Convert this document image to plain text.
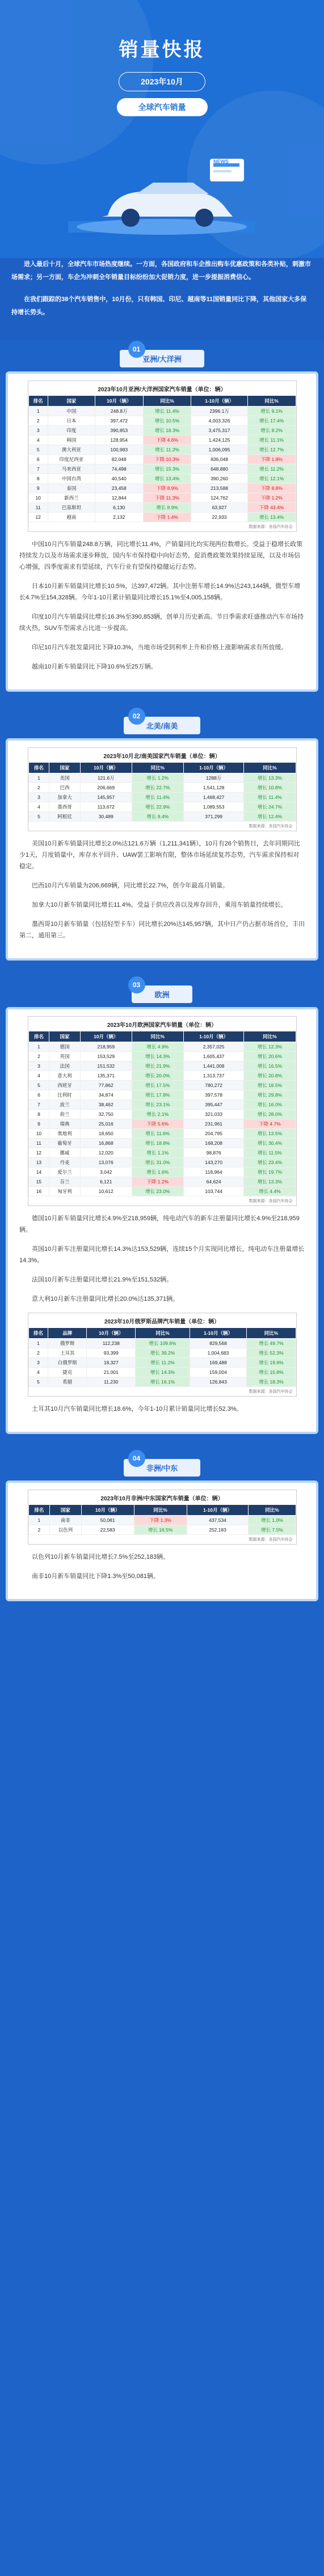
销量快报
2023年10月
全球汽车销量
NEWS

进入最后十月，全球汽车市场热度继续。一方面，各国政府和车企推出购车优惠政策和各类补贴，刺激市场需求；另一方面，车企为冲刺全年销量目标纷纷加大促销力度，进一步提振消费信心。

在我们跟踪的38个汽车销售中，10月份，只有韩国、印尼、越南等11国销量同比下降，其他国家大多保持增长势头。

01
亚洲/大洋洲
2023年10月亚洲/大洋洲国家汽车销量（单位：辆）
排名	国家	10月（辆）	同比%	1-10月（辆）	同比%
1	中国	248.8万	增长 11.4%	2396.1万	增长 9.1%
2	日本	397,472	增长 10.5%	4,003,326	增长 17.4%
3	印度	390,853	增长 16.3%	3,475,317	增长 8.2%
4	韩国	128,954	下降 4.6%	1,424,125	增长 11.1%
5	澳大利亚	100,983	增长 11.2%	1,006,095	增长 12.7%
6	印度尼西亚	82,048	下降 10.3%	836,048	下降 1.8%
7	马来西亚	74,498	增长 15.3%	648,880	增长 11.2%
8	中国台湾	40,540	增长 13.4%	390,260	增长 12.1%
9	泰国	23,458	下降 8.9%	213,588	下降 8.8%
10	新西兰	12,844	下降 11.3%	124,762	下降 1.2%
11	巴基斯坦	6,130	增长 8.9%	63,927	下降 43.4%
12	越南	2,132	下降 1.4%	22,933	增长 13.4%
数据来源：各国汽车协会

中国10月汽车销量248.8万辆，同比增长11.4%，产销量同比均实现两位数增长。受益于稳增长政策持续发力以及市场需求逐步释放，国内车市保持稳中向好态势，促消费政策效果持续显现，以及市场信心增强，四季度需求有望延续，汽车行业有望保持稳健运行态势。

日本10月新车销量同比增长10.5%，达397,472辆。其中注册车增长14.9%达243,144辆，微型车增长4.7%至154,328辆。今年1-10月累计销量同比增长15.1%至4,005,158辆。

印度10月汽车销量同比增长16.3%至390,853辆，创单月历史新高。节日季需求旺盛推动汽车市场持续火热，SUV车型需求占比进一步提高。

印尼10月汽车批发量同比下降10.3%，当地市场受到利率上升和价格上涨影响需求有所放缓。

越南10月新车销量同比下降10.6%至25万辆。

02
北美/南美
2023年10月北/南美国家汽车销量（单位：辆）
排名	国家	10月（辆）	同比%	1-10月（辆）	同比%
1	美国	121.6万	增长 1.2%	1288万	增长 13.3%
2	巴西	206,669	增长 22.7%	1,541,128	增长 10.8%
3	加拿大	145,957	增长 11.4%	1,468,427	增长 11.4%
4	墨西哥	113,672	增长 22.9%	1,089,553	增长 24.7%
5	阿根廷	30,489	增长 9.4%	371,299	增长 12.4%
数据来源：各国汽车协会

美国10月新车销量同比增长2.0%达121.6万辆（1,211,341辆），10月有26个销售日，去年同期同比少1天，月度销量中，库存水平回升、UAW罢工影响有限，整体市场延续复苏态势，汽车需求保持相对稳定。

巴西10月汽车销量为206,669辆，同比增长22.7%，创今年最高月销量。

加拿大10月新车销量同比增长11.4%。受益于供应改善以及库存回升，乘用车销量持续增长。

墨西哥10月新车销量（包括轻型卡车）同比增长20%达145,957辆，其中日产仍占据市场首位，丰田第二，通用第三。

03
欧洲
2023年10月欧洲国家汽车销量（单位：辆）
排名	国家	10月（辆）	同比%	1-10月（辆）	同比%
1	德国	218,959	增长 4.9%	2,357,025	增长 12.3%
2	英国	153,529	增长 14.3%	1,605,437	增长 20.6%
3	法国	151,532	增长 21.9%	1,441,008	增长 16.5%
4	意大利	135,371	增长 20.0%	1,313,737	增长 20.8%
5	西班牙	77,862	增长 17.5%	780,272	增长 18.5%
6	比利时	34,874	增长 17.8%	397,578	增长 29.8%
7	波兰	38,462	增长 23.1%	395,447	增长 16.0%
8	荷兰	32,750	增长 2.1%	321,033	增长 28.0%
9	瑞典	25,016	下降 5.6%	231,961	下降 4.7%
10	奥地利	18,650	增长 11.6%	204,795	增长 13.5%
11	葡萄牙	16,868	增长 18.8%	168,208	增长 30.4%
12	挪威	12,020	增长 1.1%	98,876	增长 11.5%
13	丹麦	13,076	增长 31.0%	143,270	增长 23.4%
14	爱尔兰	3,042	增长 1.6%	118,964	增长 19.7%
15	芬兰	6,121	下降 1.2%	64,624	增长 13.3%
16	匈牙利	10,612	增长 23.0%	103,744	增长 4.4%
数据来源：各国汽车协会

德国10月新车销量同比增长4.9%至218,959辆，纯电动汽车的新车注册量同比增长4.9%至218,959辆。

英国10月新车注册量同比增长14.3%达153,529辆，连续15个月实现同比增长，纯电动车注册量增长14.3%。

法国10月新车注册量同比增长21.9%至151,532辆。

意大利10月新车注册量同比增长20.0%达135,371辆。

2023年10月俄罗斯品牌汽车销量（单位：辆）
排名	品牌	10月（辆）	同比%	1-10月（辆）	同比%
1	俄罗斯	112,238	增长 109.6%	829,568	增长 49.7%
2	土耳其	93,399	增长 39.2%	1,004,683	增长 52.3%
3	白俄罗斯	18,327	增长 11.2%	169,488	增长 19.6%
4	捷克	21,001	增长 14.3%	159,004	增长 15.8%
5	希腊	11,230	增长 16.1%	126,843	增长 18.3%
数据来源：各国汽车协会

土耳其10月汽车销量同比增长18.6%，今年1-10月累计销量同比增长52.3%。

04
非洲/中东
2023年10月非洲/中东国家汽车销量（单位：辆）
排名	国家	10月（辆）	同比%	1-10月（辆）	同比%
1	南非	50,081	下降 1.3%	437,534	增长 1.0%
2	以色列	22,583	增长 16.5%	252,183	增长 7.5%
数据来源：各国汽车协会

以色列10月新车销量同比增长7.5%至252,183辆。

南非10月新车销量同比下降1.3%至50,081辆。
